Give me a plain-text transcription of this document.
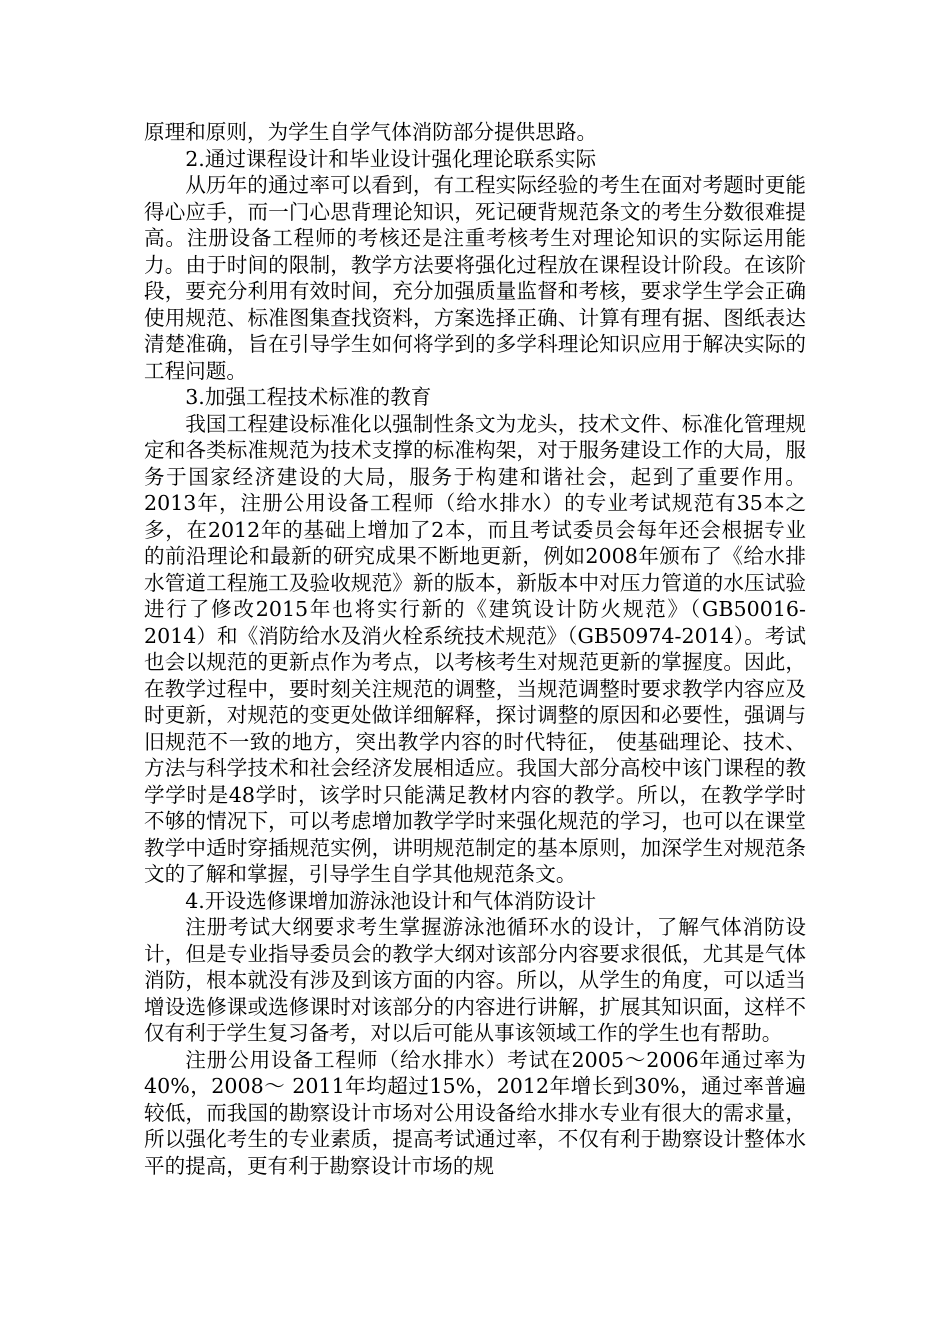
原理和原则，为学生自学气体消防部分提供思路。

2.通过课程设计和毕业设计强化理论联系实际

从历年的通过率可以看到，有工程实际经验的考生在面对考题时更能得心应手，而一门心思背理论知识，死记硬背规范条文的考生分数很难提高。注册设备工程师的考核还是注重考核考生对理论知识的实际运用能力。由于时间的限制，教学方法要将强化过程放在课程设计阶段。在该阶段，要充分利用有效时间，充分加强质量监督和考核，要求学生学会正确使用规范、标准图集查找资料，方案选择正确、计算有理有据、图纸表达清楚准确，旨在引导学生如何将学到的多学科理论知识应用于解决实际的工程问题。

3.加强工程技术标准的教育

我国工程建设标准化以强制性条文为龙头，技术文件、标准化管理规定和各类标准规范为技术支撑的标准构架，对于服务建设工作的大局，服务于国家经济建设的大局，服务于构建和谐社会，起到了重要作用。2013年，注册公用设备工程师（给水排水）的专业考试规范有35本之多，在2012年的基础上增加了2本，而且考试委员会每年还会根据专业的前沿理论和最新的研究成果不断地更新，例如2008年颁布了《给水排水管道工程施工及验收规范》新的版本，新版本中对压力管道的水压试验进行了修改2015年也将实行新的《建筑设计防火规范》（GB50016-2014）和《消防给水及消火栓系统技术规范》（GB50974-2014）。考试也会以规范的更新点作为考点，以考核考生对规范更新的掌握度。因此，在教学过程中，要时刻关注规范的调整，当规范调整时要求教学内容应及时更新，对规范的变更处做详细解释，探讨调整的原因和必要性，强调与旧规范不一致的地方，突出教学内容的时代特征， 使基础理论、技术、方法与科学技术和社会经济发展相适应。我国大部分高校中该门课程的教学学时是48学时，该学时只能满足教材内容的教学。所以，在教学学时不够的情况下，可以考虑增加教学学时来强化规范的学习，也可以在课堂教学中适时穿插规范实例，讲明规范制定的基本原则，加深学生对规范条文的了解和掌握，引导学生自学其他规范条文。

4.开设选修课增加游泳池设计和气体消防设计

注册考试大纲要求考生掌握游泳池循环水的设计，了解气体消防设计，但是专业指导委员会的教学大纲对该部分内容要求很低，尤其是气体消防，根本就没有涉及到该方面的内容。所以，从学生的角度，可以适当增设选修课或选修课时对该部分的内容进行讲解，扩展其知识面，这样不仅有利于学生复习备考，对以后可能从事该领域工作的学生也有帮助。

注册公用设备工程师（给水排水）考试在2005～2006年通过率为40%，2008～ 2011年均超过15%，2012年增长到30%，通过率普遍较低，而我国的勘察设计市场对公用设备给水排水专业有很大的需求量，所以强化考生的专业素质，提高考试通过率，不仅有利于勘察设计整体水平的提高，更有利于勘察设计市场的规
